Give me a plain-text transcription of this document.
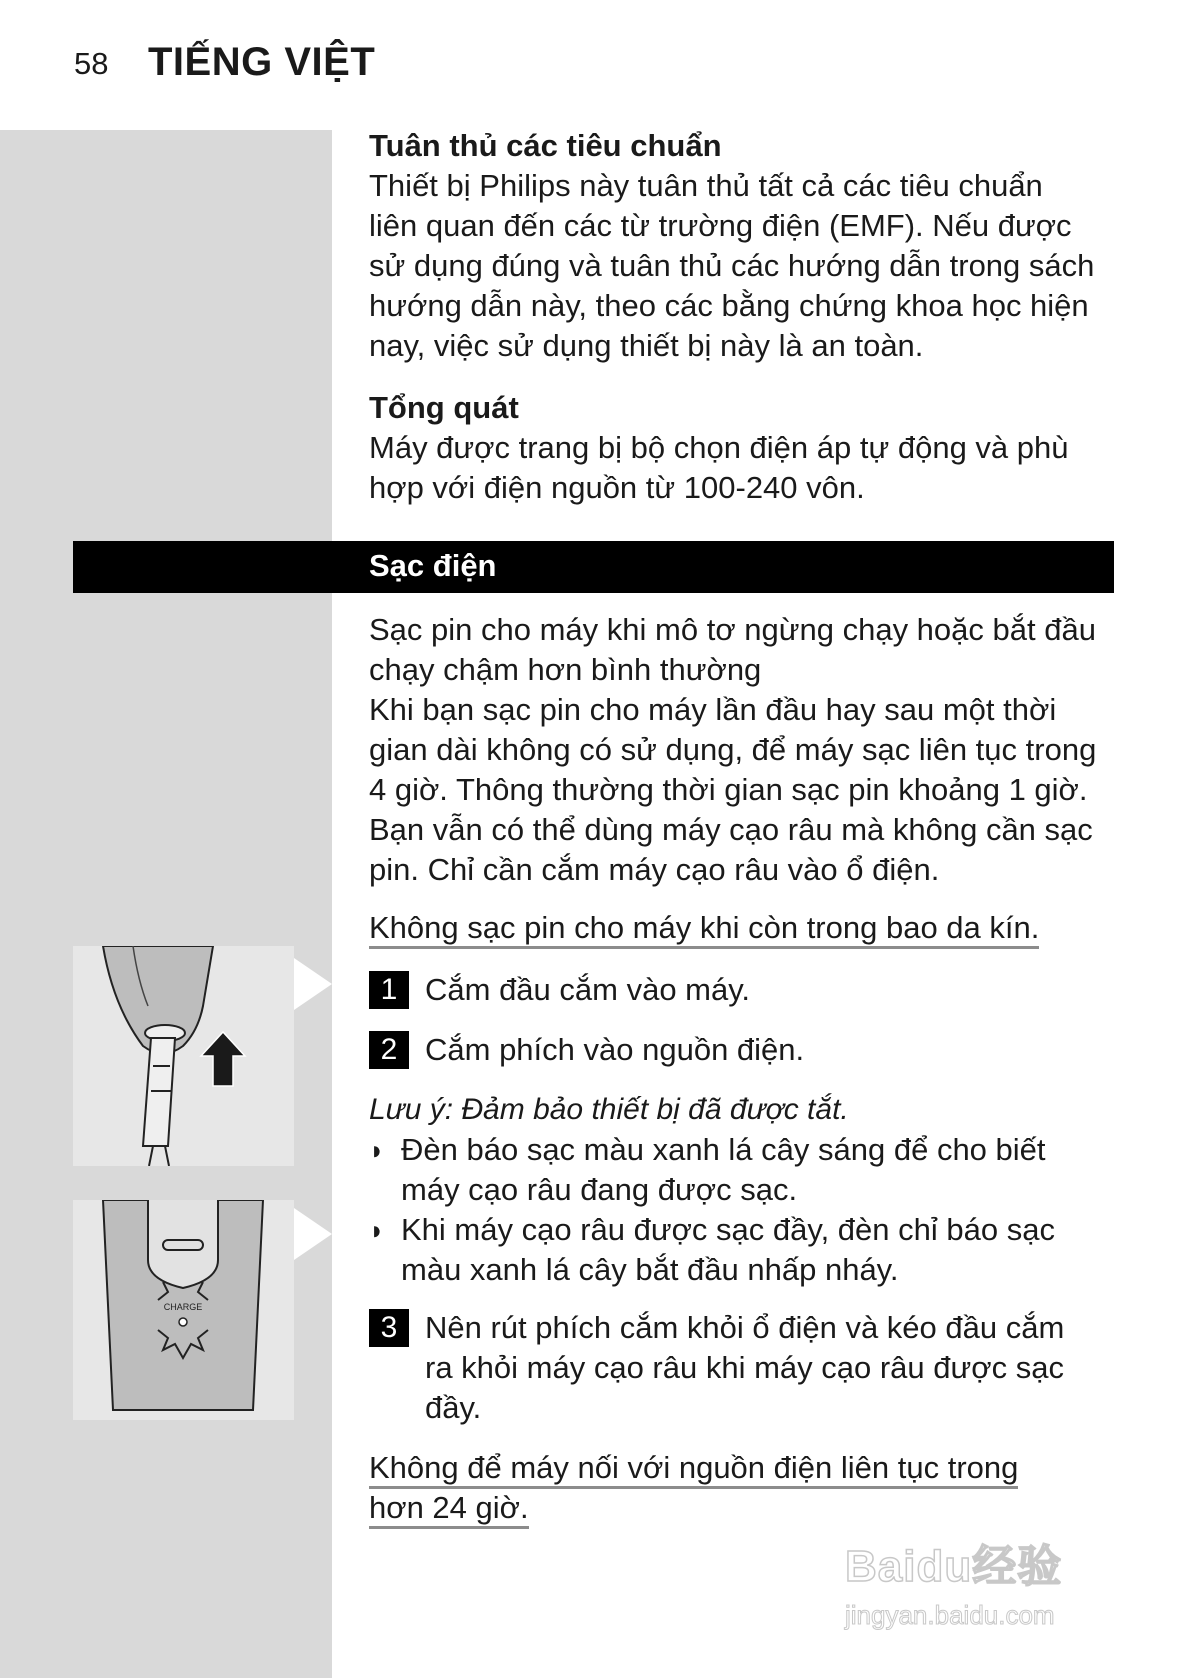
58 TIẾNG VIỆT

Tuân thủ các tiêu chuẩn

Thiết bị Philips này tuân thủ tất cả các tiêu chuẩn

liên quan đến các từ trường điện (EMF). Nếu được

sử dụng đúng và tuân thủ các hướng dẫn trong sách

hướng dẫn này, theo các bằng chứng khoa học hiện

nay, việc sử dụng thiết bị này là an toàn.

Tổng quát

Máy được trang bị bộ chọn điện áp tự động và phù

hợp với điện nguồn từ 100-240 vôn.

Sạc điện

Sạc pin cho máy khi mô tơ ngừng chạy hoặc bắt đầu

chạy chậm hơn bình thường

Khi bạn sạc pin cho máy lần đầu hay sau một thời

gian dài không có sử dụng, để máy sạc liên tục trong

4 giờ. Thông thường thời gian sạc pin khoảng 1 giờ.

Bạn vẫn có thể dùng máy cạo râu mà không cần sạc

pin. Chỉ cần cắm máy cạo râu vào ổ điện.

Không sạc pin cho máy khi còn trong bao da kín.
1 Cắm đầu cắm vào máy.

2 Cắm phích vào nguồn điện.

Lưu ý: Đảm bảo thiết bị đã được tắt.
◗ Đèn báo sạc màu xanh lá cây sáng để cho biết

máy cạo râu đang được sạc.

◗ Khi máy cạo râu được sạc đầy, đèn chỉ báo sạc

màu xanh lá cây bắt đầu nhấp nháy.

3 Nên rút phích cắm khỏi ổ điện và kéo đầu cắm

ra khỏi máy cạo râu khi máy cạo râu được sạc

đầy.

Không để máy nối với nguồn điện liên tục trong
hơn 24 giờ.
CHARGE
Baidu经验
jingyan.baidu.com
